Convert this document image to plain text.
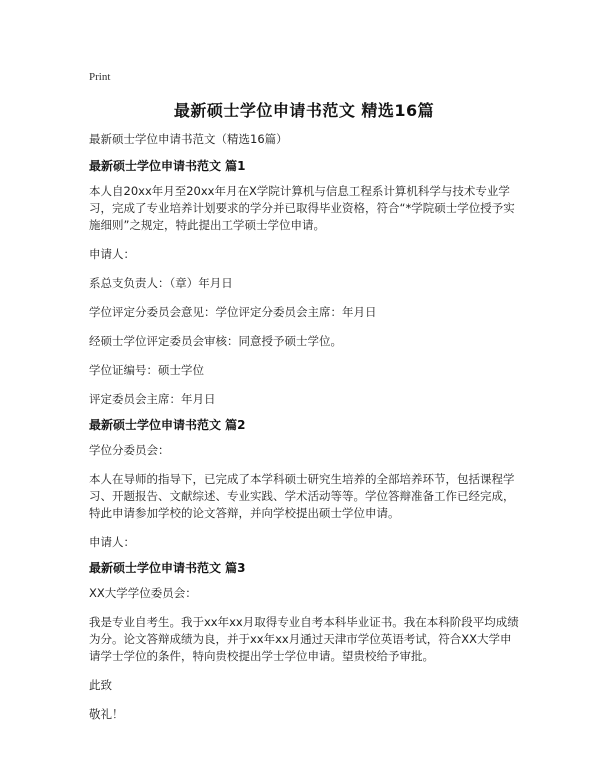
Print
最新硕士学位申请书范文 精选16篇
最新硕士学位申请书范文（精选16篇）
最新硕士学位申请书范文 篇1

本人自20xx年月至20xx年月在X学院计算机与信息工程系计算机科学与技术专业学习，完成了专业培养计划要求的学分并已取得毕业资格，符合“*学院硕士学位授予实施细则”之规定，特此提出工学硕士学位申请。

申请人：

系总支负责人：（章）年月日

学位评定分委员会意见：学位评定分委员会主席：年月日

经硕士学位评定委员会审核：同意授予硕士学位。

学位证编号：硕士学位

评定委员会主席：年月日

最新硕士学位申请书范文 篇2

学位分委员会：

本人在导师的指导下，已完成了本学科硕士研究生培养的全部培养环节，包括课程学习、开题报告、文献综述、专业实践、学术活动等等。学位答辩准备工作已经完成，特此申请参加学校的论文答辩，并向学校提出硕士学位申请。

申请人：

最新硕士学位申请书范文 篇3

XX大学学位委员会：

我是专业自考生。我于xx年xx月取得专业自考本科毕业证书。我在本科阶段平均成绩为分。论文答辩成绩为良，并于xx年xx月通过天津市学位英语考试，符合XX大学申请学士学位的条件，特向贵校提出学士学位申请。望贵校给予审批。

此致

敬礼！
